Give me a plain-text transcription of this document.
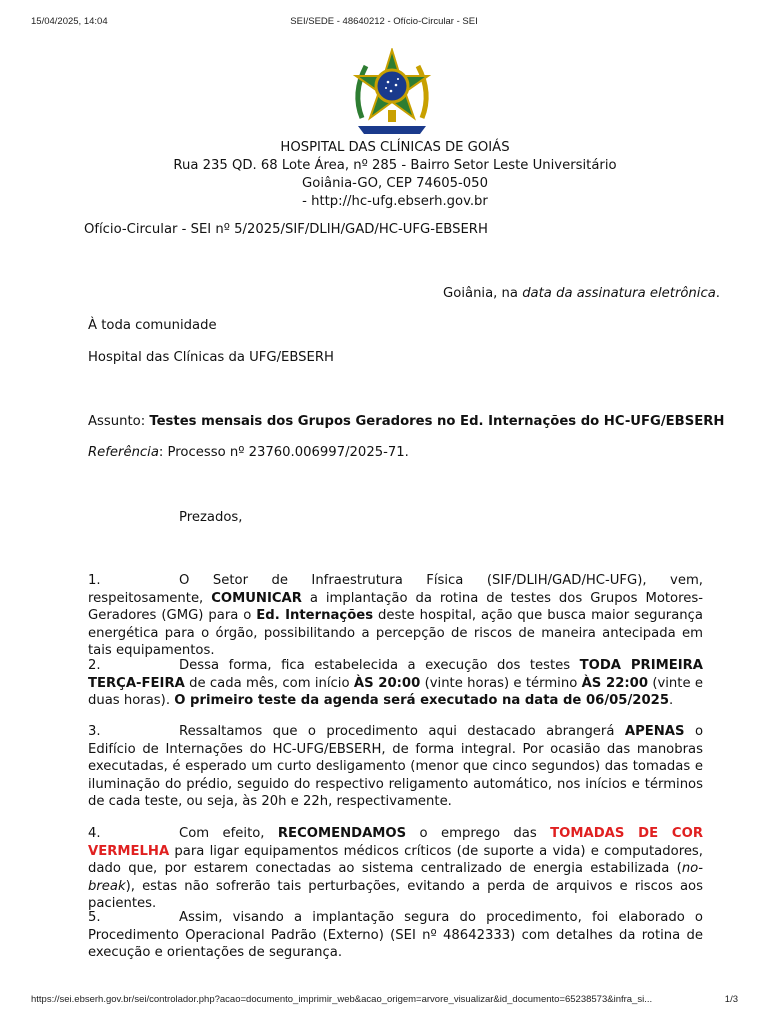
15/04/2025, 14:04	SEI/SEDE - 48640212 - Ofício-Circular - SEI
HOSPITAL DAS CLÍNICAS DE GOIÁS
Rua 235 QD. 68 Lote Área, nº 285 - Bairro Setor Leste Universitário
Goiânia-GO, CEP 74605-050
- http://hc-ufg.ebserh.gov.br
Ofício-Circular - SEI nº 5/2025/SIF/DLIH/GAD/HC-UFG-EBSERH
Goiânia, na data da assinatura eletrônica.
À toda comunidade
Hospital das Clínicas da UFG/EBSERH
Assunto: Testes mensais dos Grupos Geradores no Ed. Internações do HC-UFG/EBSERH
Referência: Processo nº 23760.006997/2025-71.
Prezados,
1.	O Setor de Infraestrutura Física (SIF/DLIH/GAD/HC-UFG), vem, respeitosamente, COMUNICAR a implantação da rotina de testes dos Grupos Motores-Geradores (GMG) para o Ed. Internações deste hospital, ação que busca maior segurança energética para o órgão, possibilitando a percepção de riscos de maneira antecipada em tais equipamentos.
2.	Dessa forma, fica estabelecida a execução dos testes TODA PRIMEIRA TERÇA-FEIRA de cada mês, com início ÀS 20:00 (vinte horas) e término ÀS 22:00 (vinte e duas horas). O primeiro teste da agenda será executado na data de 06/05/2025.
3.	Ressaltamos que o procedimento aqui destacado abrangerá APENAS o Edifício de Internações do HC-UFG/EBSERH, de forma integral. Por ocasião das manobras executadas, é esperado um curto desligamento (menor que cinco segundos) das tomadas e iluminação do prédio, seguido do respectivo religamento automático, nos inícios e términos de cada teste, ou seja, às 20h e 22h, respectivamente.
4.	Com efeito, RECOMENDAMOS o emprego das TOMADAS DE COR VERMELHA para ligar equipamentos médicos críticos (de suporte a vida) e computadores, dado que, por estarem conectadas ao sistema centralizado de energia estabilizada (no-break), estas não sofrerão tais perturbações, evitando a perda de arquivos e riscos aos pacientes.
5.	Assim, visando a implantação segura do procedimento, foi elaborado o Procedimento Operacional Padrão (Externo) (SEI nº 48642333) com detalhes da rotina de execução e orientações de segurança.
https://sei.ebserh.gov.br/sei/controlador.php?acao=documento_imprimir_web&acao_origem=arvore_visualizar&id_documento=65238573&infra_si...	1/3
